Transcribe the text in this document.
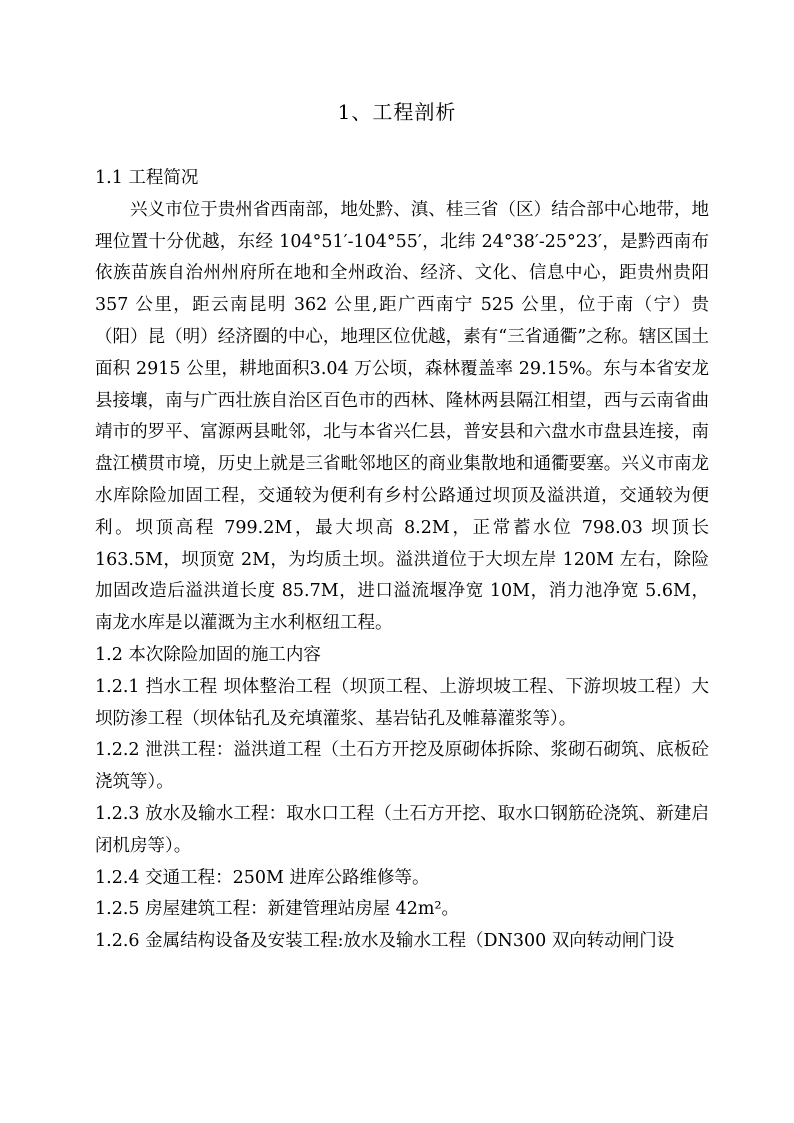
1、工程剖析

1.1 工程简况

兴义市位于贵州省西南部，地处黔、滇、桂三省（区）结合部中心地带，地理位置十分优越，东经 104°51′-104°55′，北纬 24°38′-25°23′，是黔西南布依族苗族自治州州府所在地和全州政治、经济、文化、信息中心，距贵州贵阳 357 公里，距云南昆明 362 公里,距广西南宁 525 公里，位于南（宁）贵（阳）昆（明）经济圈的中心，地理区位优越，素有“三省通衢”之称。辖区国土面积 2915 公里，耕地面积3.04 万公顷，森林覆盖率 29.15%。东与本省安龙县接壤，南与广西壮族自治区百色市的西林、隆林两县隔江相望，西与云南省曲靖市的罗平、富源两县毗邻，北与本省兴仁县，普安县和六盘水市盘县连接，南盘江横贯市境，历史上就是三省毗邻地区的商业集散地和通衢要塞。兴义市南龙水库除险加固工程，交通较为便利有乡村公路通过坝顶及溢洪道，交通较为便利。坝顶高程 799.2M，最大坝高 8.2M，正常蓄水位 798.03 坝顶长 163.5M，坝顶宽 2M，为均质土坝。溢洪道位于大坝左岸 120M 左右，除险加固改造后溢洪道长度 85.7M，进口溢流堰净宽 10M，消力池净宽 5.6M，南龙水库是以灌溉为主水利枢纽工程。

1.2 本次除险加固的施工内容

1.2.1 挡水工程 坝体整治工程（坝顶工程、上游坝坡工程、下游坝坡工程）大坝防渗工程（坝体钻孔及充填灌浆、基岩钻孔及帷幕灌浆等）。

1.2.2 泄洪工程：溢洪道工程（土石方开挖及原砌体拆除、浆砌石砌筑、底板砼浇筑等）。

1.2.3 放水及输水工程：取水口工程（土石方开挖、取水口钢筋砼浇筑、新建启闭机房等）。

1.2.4 交通工程：250M 进库公路维修等。

1.2.5 房屋建筑工程：新建管理站房屋 42m²。

1.2.6 金属结构设备及安装工程:放水及输水工程（DN300 双向转动闸门设
